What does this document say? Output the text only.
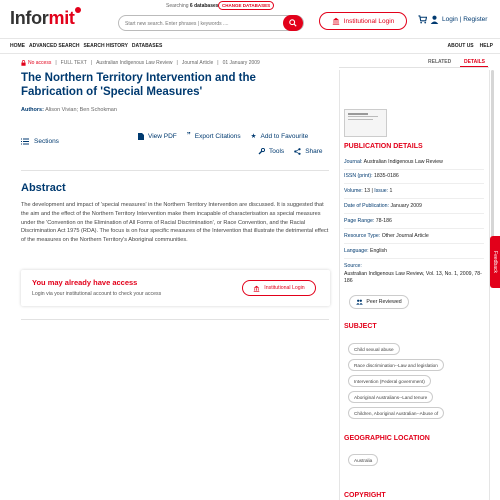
Informit
Searching 6 databases CHANGE DATABASES
Start new search. Enter phrases | keywords ....
Institutional Login	Login | Register
HOME ADVANCED SEARCH SEARCH HISTORY DATABASES	ABOUT US HELP
No access | FULL TEXT | Australian Indigenous Law Review | Journal Article | 01 January 2009
The Northern Territory Intervention and the Fabrication of 'Special Measures'
Authors: Alison Vivian; Ben Schokman
Sections
View PDF ” Export Citations ★ Add to Favourite
Tools	Share
Abstract
The development and impact of 'special measures' in the Northern Territory Intervention are discussed. It is suggested that the aim and the effect of the Northern Territory Intervention make them incapable of characterisation as special measures under the 'Convention on the Elimination of All Forms of Racial Discrimination', or Race Convention, and the Racial Discrimination Act 1975 (RDA). The focus is on four specific measures of the Intervention that illustrate the detrimental effect of the measures on the Northern Territory's Aboriginal communities.
You may already have access
Login via your institutional account to check your access
Institutional Login
RELATED	DETAILS
PUBLICATION DETAILS
Journal: Australian Indigenous Law Review
ISSN (print): 1835-0186
Volume: 13 | Issue: 1
Date of Publication: January 2009
Page Range: 78-186
Resource Type: Other Journal Article
Language: English
Source:
Australian Indigenous Law Review, Vol. 13, No. 1, 2009, 78-186
Peer Reviewed
SUBJECT
Child sexual abuse
Race discrimination--Law and legislation
Intervention (Federal government)
Aboriginal Australians--Land tenure
Children, Aboriginal Australian--Abuse of
GEOGRAPHIC LOCATION
Australia
COPYRIGHT
Feedback
